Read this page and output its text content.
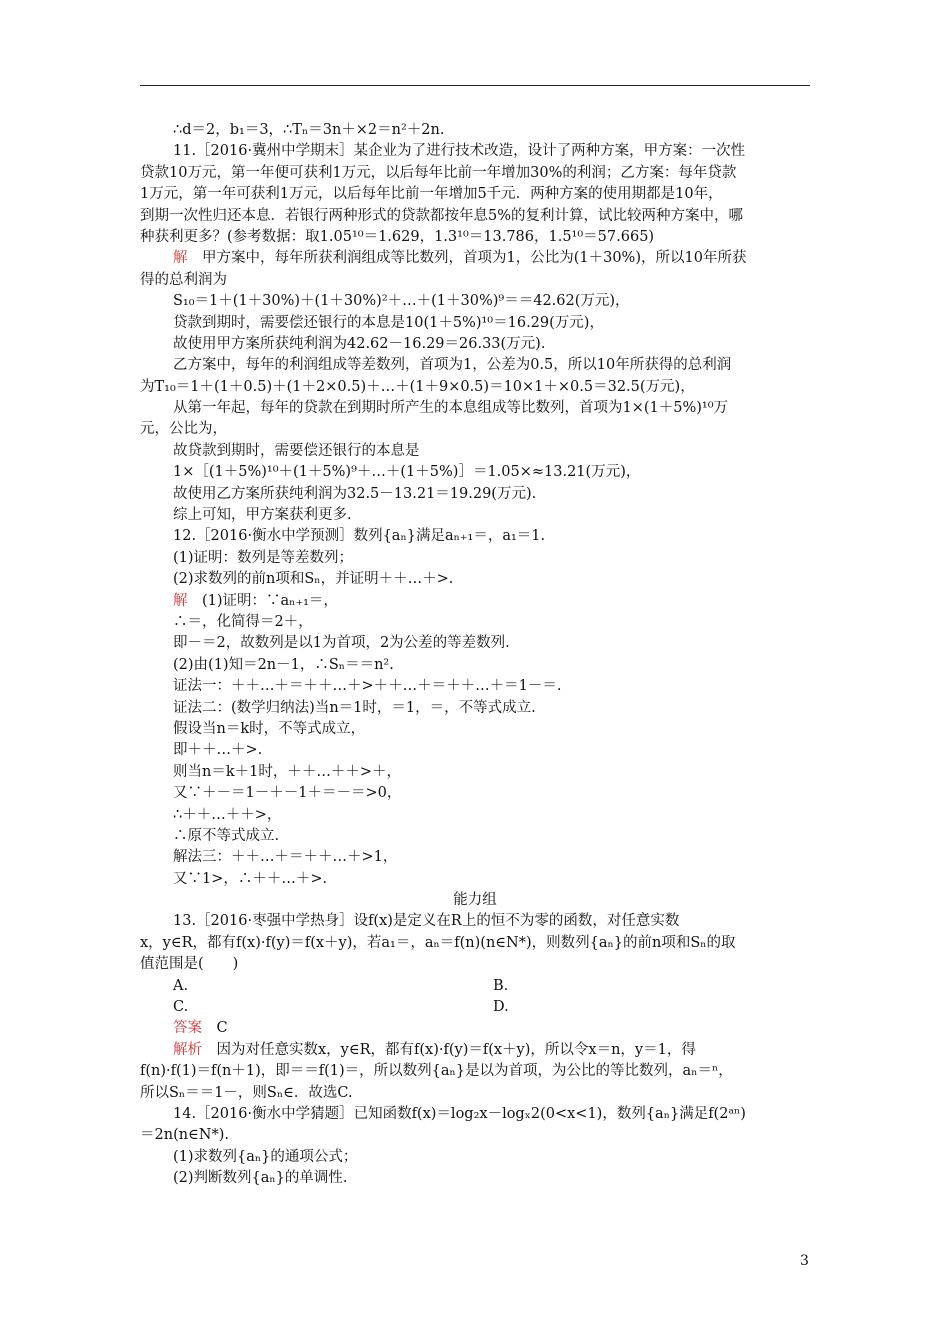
∴d＝2，b₁＝3，∴Tₙ＝3n＋×2＝n²＋2n.
11.［2016·冀州中学期末］某企业为了进行技术改造，设计了两种方案，甲方案：一次性
贷款10万元，第一年便可获利1万元，以后每年比前一年增加30%的利润；乙方案：每年贷款
1万元，第一年可获利1万元，以后每年比前一年增加5千元．两种方案的使用期都是10年，
到期一次性归还本息．若银行两种形式的贷款都按年息5%的复利计算，试比较两种方案中，哪
种获利更多？(参考数据：取1.05¹⁰＝1.629，1.3¹⁰＝13.786，1.5¹⁰＝57.665)
解　甲方案中，每年所获利润组成等比数列，首项为1，公比为(1＋30%)，所以10年所获
得的总利润为
S₁₀＝1＋(1＋30%)＋(1＋30%)²＋…＋(1＋30%)⁹＝＝42.62(万元)，
贷款到期时，需要偿还银行的本息是10(1＋5%)¹⁰＝16.29(万元)，
故使用甲方案所获纯利润为42.62－16.29＝26.33(万元).
乙方案中，每年的利润组成等差数列，首项为1，公差为0.5，所以10年所获得的总利润
为T₁₀＝1＋(1＋0.5)＋(1＋2×0.5)＋…＋(1＋9×0.5)＝10×1＋×0.5＝32.5(万元)，
从第一年起，每年的贷款在到期时所产生的本息组成等比数列，首项为1×(1＋5%)¹⁰万
元，公比为，
故贷款到期时，需要偿还银行的本息是
1×［(1＋5%)¹⁰＋(1＋5%)⁹＋…＋(1＋5%)］＝1.05×≈13.21(万元)，
故使用乙方案所获纯利润为32.5－13.21＝19.29(万元).
综上可知，甲方案获利更多.
12.［2016·衡水中学预测］数列{aₙ}满足aₙ₊₁＝，a₁＝1.
(1)证明：数列是等差数列；
(2)求数列的前n项和Sₙ，并证明＋＋…＋>.
解　(1)证明：∵aₙ₊₁＝，
∴＝，化简得＝2＋，
即－＝2，故数列是以1为首项，2为公差的等差数列.
(2)由(1)知＝2n－1，∴Sₙ＝＝n².
证法一：＋＋…＋＝＋＋…＋>＋＋…＋＝＋＋…＋＝1－＝.
证法二：(数学归纳法)当n＝1时，＝1，＝，不等式成立.
假设当n＝k时，不等式成立，
即＋＋…＋>.
则当n＝k＋1时，＋＋…＋＋>＋，
又∵＋－＝1－＋－1＋＝－＝>0，
∴＋＋…＋＋>，
∴原不等式成立.
解法三：＋＋…＋＝＋＋…＋>1，
又∵1>，∴＋＋…＋>.
能力组
13.［2016·枣强中学热身］设f(x)是定义在R上的恒不为零的函数，对任意实数
x，y∈R，都有f(x)·f(y)＝f(x＋y)，若a₁＝，aₙ＝f(n)(n∈N*)，则数列{aₙ}的前n项和Sₙ的取
值范围是(　　)
A.	B.
C.	D.
答案　C
解析　因为对任意实数x，y∈R，都有f(x)·f(y)＝f(x＋y)，所以令x＝n，y＝1，得
f(n)·f(1)＝f(n＋1)，即＝＝f(1)＝，所以数列{aₙ}是以为首项，为公比的等比数列，aₙ＝ⁿ，
所以Sₙ＝＝1－，则Sₙ∈．故选C.
14.［2016·衡水中学猜题］已知函数f(x)＝log₂x－logₓ2(0<x<1)，数列{aₙ}满足f(2ᵃⁿ)
＝2n(n∈N*).
(1)求数列{aₙ}的通项公式；
(2)判断数列{aₙ}的单调性.
3
